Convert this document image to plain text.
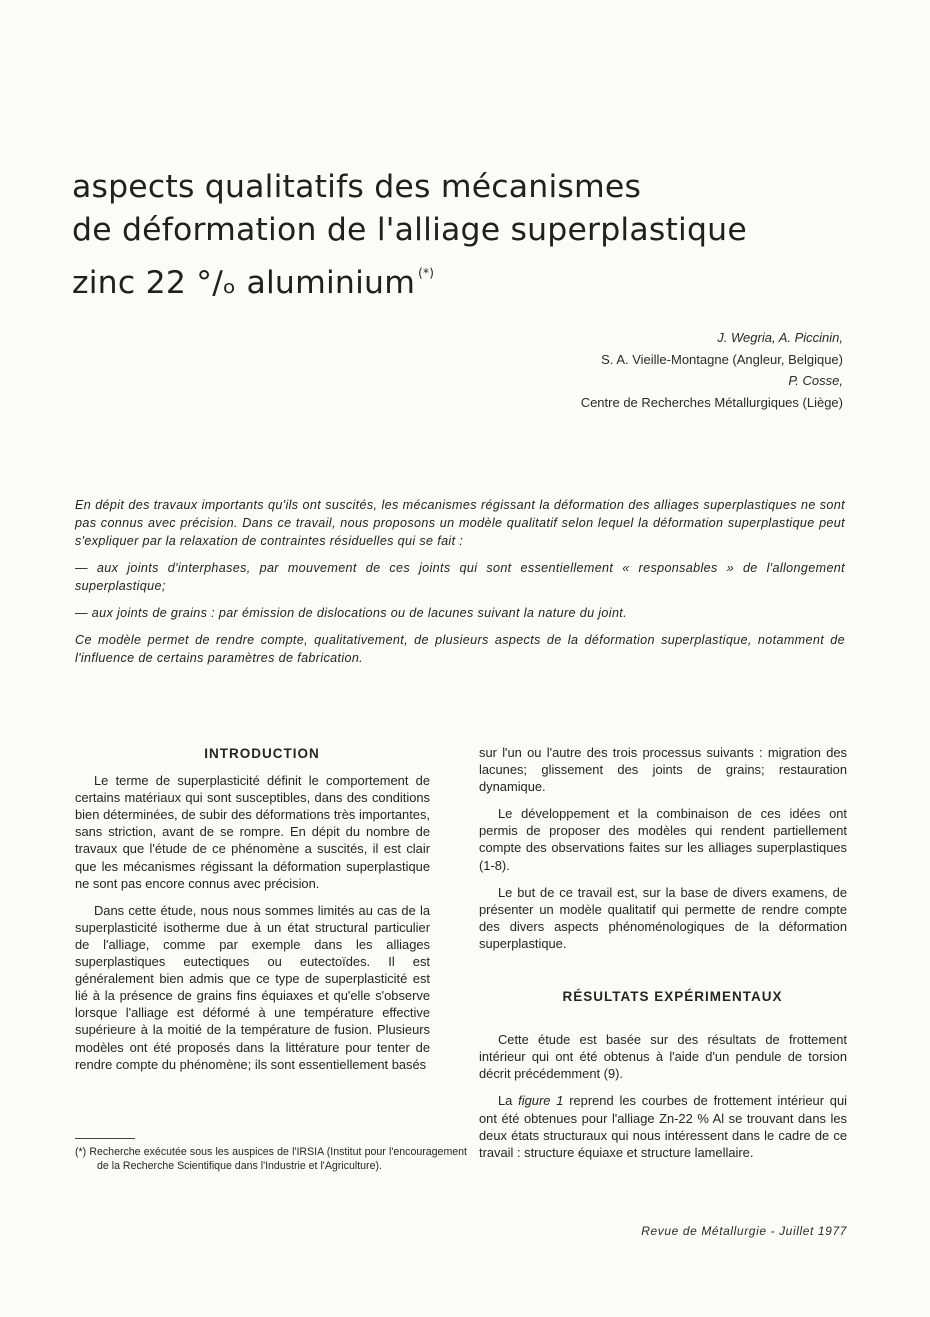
aspects qualitatifs des mécanismes
de déformation de l'alliage superplastique
zinc 22 °/ₒ aluminium (*)
J. Wegria, A. Piccinin,
S. A. Vieille-Montagne (Angleur, Belgique)
P. Cosse,
Centre de Recherches Métallurgiques (Liège)

En dépit des travaux importants qu'ils ont suscités, les mécanismes régissant la déformation des alliages superplastiques ne sont pas connus avec précision. Dans ce travail, nous proposons un modèle qualitatif selon lequel la déformation superplastique peut s'expliquer par la relaxation de contraintes résiduelles qui se fait :

— aux joints d'interphases, par mouvement de ces joints qui sont essentiellement « responsables » de l'allongement superplastique;

— aux joints de grains : par émission de dislocations ou de lacunes suivant la nature du joint.

Ce modèle permet de rendre compte, qualitativement, de plusieurs aspects de la déformation superplastique, notamment de l'influence de certains paramètres de fabrication.

INTRODUCTION

Le terme de superplasticité définit le comportement de certains matériaux qui sont susceptibles, dans des conditions bien déterminées, de subir des déformations très importantes, sans striction, avant de se rompre. En dépit du nombre de travaux que l'étude de ce phénomène a suscités, il est clair que les mécanismes régissant la déformation superplastique ne sont pas encore connus avec précision.

Dans cette étude, nous nous sommes limités au cas de la superplasticité isotherme due à un état structural particulier de l'alliage, comme par exemple dans les alliages superplastiques eutectiques ou eutectoïdes. Il est généralement bien admis que ce type de superplasticité est lié à la présence de grains fins équiaxes et qu'elle s'observe lorsque l'alliage est déformé à une température effective supérieure à la moitié de la température de fusion. Plusieurs modèles ont été proposés dans la littérature pour tenter de rendre compte du phénomène; ils sont essentiellement basés

sur l'un ou l'autre des trois processus suivants : migration des lacunes; glissement des joints de grains; restauration dynamique.

Le développement et la combinaison de ces idées ont permis de proposer des modèles qui rendent partiellement compte des observations faites sur les alliages superplastiques (1-8).

Le but de ce travail est, sur la base de divers examens, de présenter un modèle qualitatif qui permette de rendre compte des divers aspects phénoménologiques de la déformation superplastique.

RÉSULTATS EXPÉRIMENTAUX

Cette étude est basée sur des résultats de frottement intérieur qui ont été obtenus à l'aide d'un pendule de torsion décrit précédemment (9).

La figure 1 reprend les courbes de frottement intérieur qui ont été obtenues pour l'alliage Zn-22 % Al se trouvant dans les deux états structuraux qui nous intéressent dans le cadre de ce travail : structure équiaxe et structure lamellaire.

(*) Recherche exécutée sous les auspices de l'IRSIA (Institut pour l'encouragement de la Recherche Scientifique dans l'Industrie et l'Agriculture).
Revue de Métallurgie - Juillet 1977
